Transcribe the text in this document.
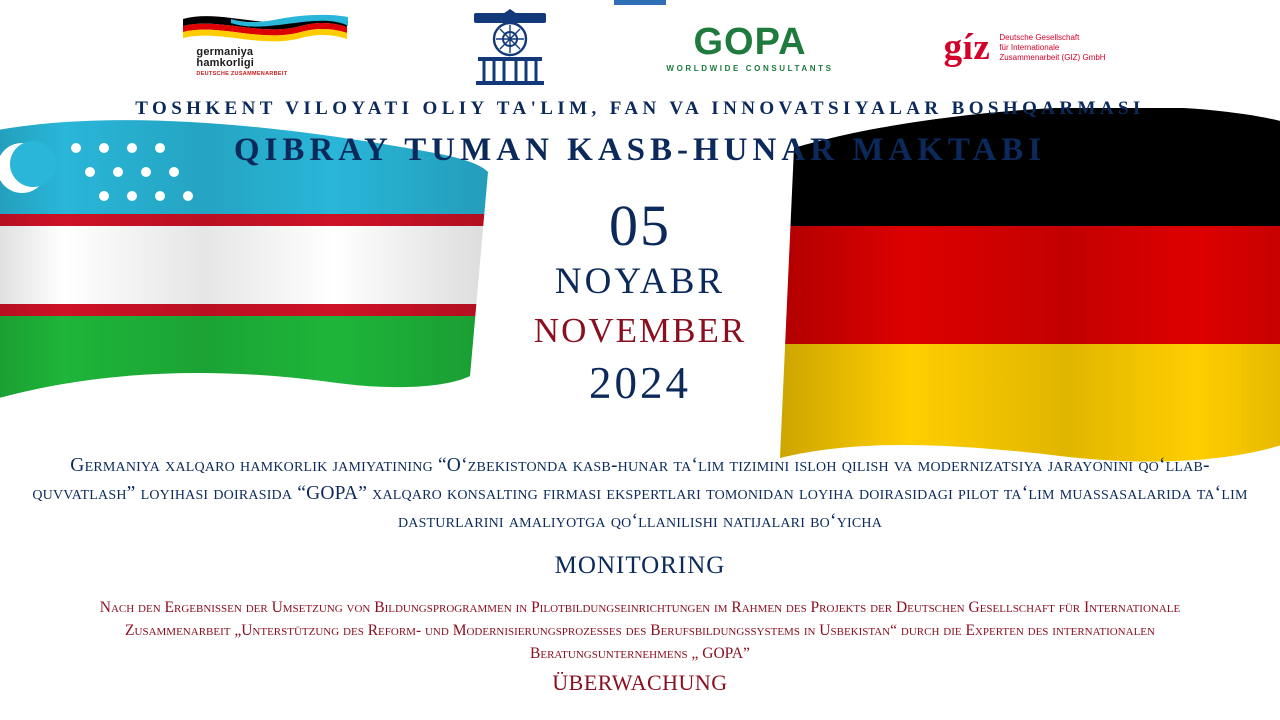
germaniya
hamkorligi
DEUTSCHE ZUSAMMENARBEIT
GOPA
WORLDWIDE CONSULTANTS
gíz Deutsche Gesellschaft
für Internationale
Zusammenarbeit (GIZ) GmbH
TOSHKENT VILOYATI OLIY TA'LIM, FAN VA INNOVATSIYALAR BOSHQARMASI
QIBRAY TUMAN KASB-HUNAR MAKTABI
05
NOYABR
NOVEMBER
2024
Germaniya xalqaro hamkorlik jamiyatining “O‘zbekistonda kasb-hunar ta‘lim tizimini isloh qilish va modernizatsiya jarayonini qo‘llab-quvvatlash” loyihasi doirasida “GOPA” xalqaro konsalting firmasi ekspertlari tomonidan loyiha doirasidagi pilot ta‘lim muassasalarida ta‘lim dasturlarini amaliyotga qo‘llanilishi natijalari bo‘yicha
MONITORING
Nach den Ergebnissen der Umsetzung von Bildungsprogrammen in Pilotbildungseinrichtungen im Rahmen des Projekts der Deutschen Gesellschaft für Internationale Zusammenarbeit „Unterstützung des Reform- und Modernisierungsprozesses des Berufsbildungssystems in Usbekistan“ durch die Experten des internationalen Beratungsunternehmens „ GOPA”
ÜBERWACHUNG
